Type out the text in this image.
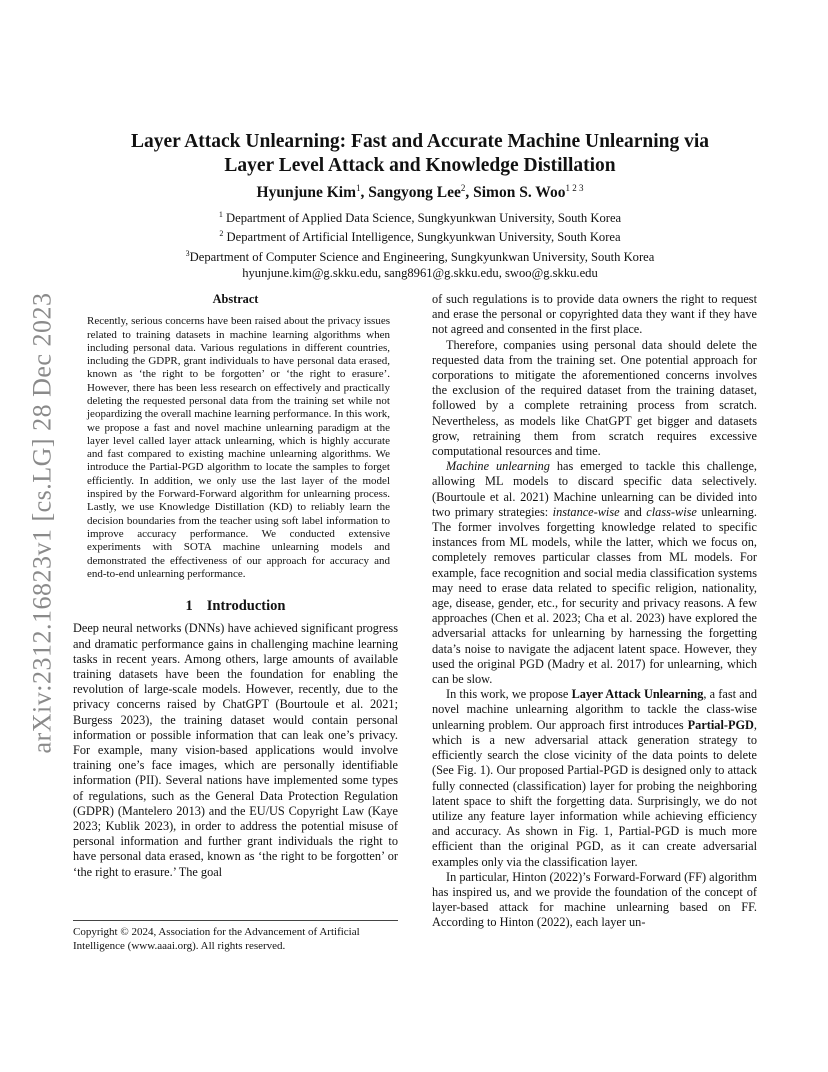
arXiv:2312.16823v1 [cs.LG] 28 Dec 2023
Layer Attack Unlearning: Fast and Accurate Machine Unlearning via
Layer Level Attack and Knowledge Distillation
Hyunjune Kim$^1$, Sangyong Lee$^2$, Simon S. Woo$^{1 2 3}$
$^1$ Department of Applied Data Science, Sungkyunkwan University, South Korea
$^2$ Department of Artificial Intelligence, Sungkyunkwan University, South Korea
$^3$Department of Computer Science and Engineering, Sungkyunkwan University, South Korea
hyunjune.kim@g.skku.edu, sang8961@g.skku.edu, swoo@g.skku.edu
Abstract

Recently, serious concerns have been raised about the privacy issues related to training datasets in machine learning algorithms when including personal data. Various regulations in different countries, including the GDPR, grant individuals to have personal data erased, known as ‘the right to be forgotten’ or ‘the right to erasure’. However, there has been less research on effectively and practically deleting the requested personal data from the training set while not jeopardizing the overall machine learning performance. In this work, we propose a fast and novel machine unlearning paradigm at the layer level called layer attack unlearning, which is highly accurate and fast compared to existing machine unlearning algorithms. We introduce the Partial-PGD algorithm to locate the samples to forget efficiently. In addition, we only use the last layer of the model inspired by the Forward-Forward algorithm for unlearning process. Lastly, we use Knowledge Distillation (KD) to reliably learn the decision boundaries from the teacher using soft label information to improve accuracy performance. We conducted extensive experiments with SOTA machine unlearning models and demonstrated the effectiveness of our approach for accuracy and end-to-end unlearning performance.

1 Introduction

Deep neural networks (DNNs) have achieved significant progress and dramatic performance gains in challenging machine learning tasks in recent years. Among others, large amounts of available training datasets have been the foundation for enabling the revolution of large-scale models. However, recently, due to the privacy concerns raised by ChatGPT (Bourtoule et al. 2021; Burgess 2023), the training dataset would contain personal information or possible information that can leak one’s privacy. For example, many vision-based applications would involve training one’s face images, which are personally identifiable information (PII). Several nations have implemented some types of regulations, such as the General Data Protection Regulation (GDPR) (Mantelero 2013) and the EU/US Copyright Law (Kaye 2023; Kublik 2023), in order to address the potential misuse of personal information and further grant individuals the right to have personal data erased, known as ‘the right to be forgotten’ or ‘the right to erasure.’ The goal

Copyright © 2024, Association for the Advancement of Artificial Intelligence (www.aaai.org). All rights reserved.

of such regulations is to provide data owners the right to request and erase the personal or copyrighted data they want if they have not agreed and consented in the first place.

Therefore, companies using personal data should delete the requested data from the training set. One potential approach for corporations to mitigate the aforementioned concerns involves the exclusion of the required dataset from the training dataset, followed by a complete retraining process from scratch. Nevertheless, as models like ChatGPT get bigger and datasets grow, retraining them from scratch requires excessive computational resources and time.

Machine unlearning has emerged to tackle this challenge, allowing ML models to discard specific data selectively. (Bourtoule et al. 2021) Machine unlearning can be divided into two primary strategies: instance-wise and class-wise unlearning. The former involves forgetting knowledge related to specific instances from ML models, while the latter, which we focus on, completely removes particular classes from ML models. For example, face recognition and social media classification systems may need to erase data related to specific religion, nationality, age, disease, gender, etc., for security and privacy reasons. A few approaches (Chen et al. 2023; Cha et al. 2023) have explored the adversarial attacks for unlearning by harnessing the forgetting data’s noise to navigate the adjacent latent space. However, they used the original PGD (Madry et al. 2017) for unlearning, which can be slow.

In this work, we propose Layer Attack Unlearning, a fast and novel machine unlearning algorithm to tackle the class-wise unlearning problem. Our approach first introduces Partial-PGD, which is a new adversarial attack generation strategy to efficiently search the close vicinity of the data points to delete (See Fig. 1). Our proposed Partial-PGD is designed only to attack fully connected (classification) layer for probing the neighboring latent space to shift the forgetting data. Surprisingly, we do not utilize any feature layer information while achieving efficiency and accuracy. As shown in Fig. 1, Partial-PGD is much more efficient than the original PGD, as it can create adversarial examples only via the classification layer.

In particular, Hinton (2022)’s Forward-Forward (FF) algorithm has inspired us, and we provide the foundation of the concept of layer-based attack for machine unlearning based on FF. According to Hinton (2022), each layer un-
